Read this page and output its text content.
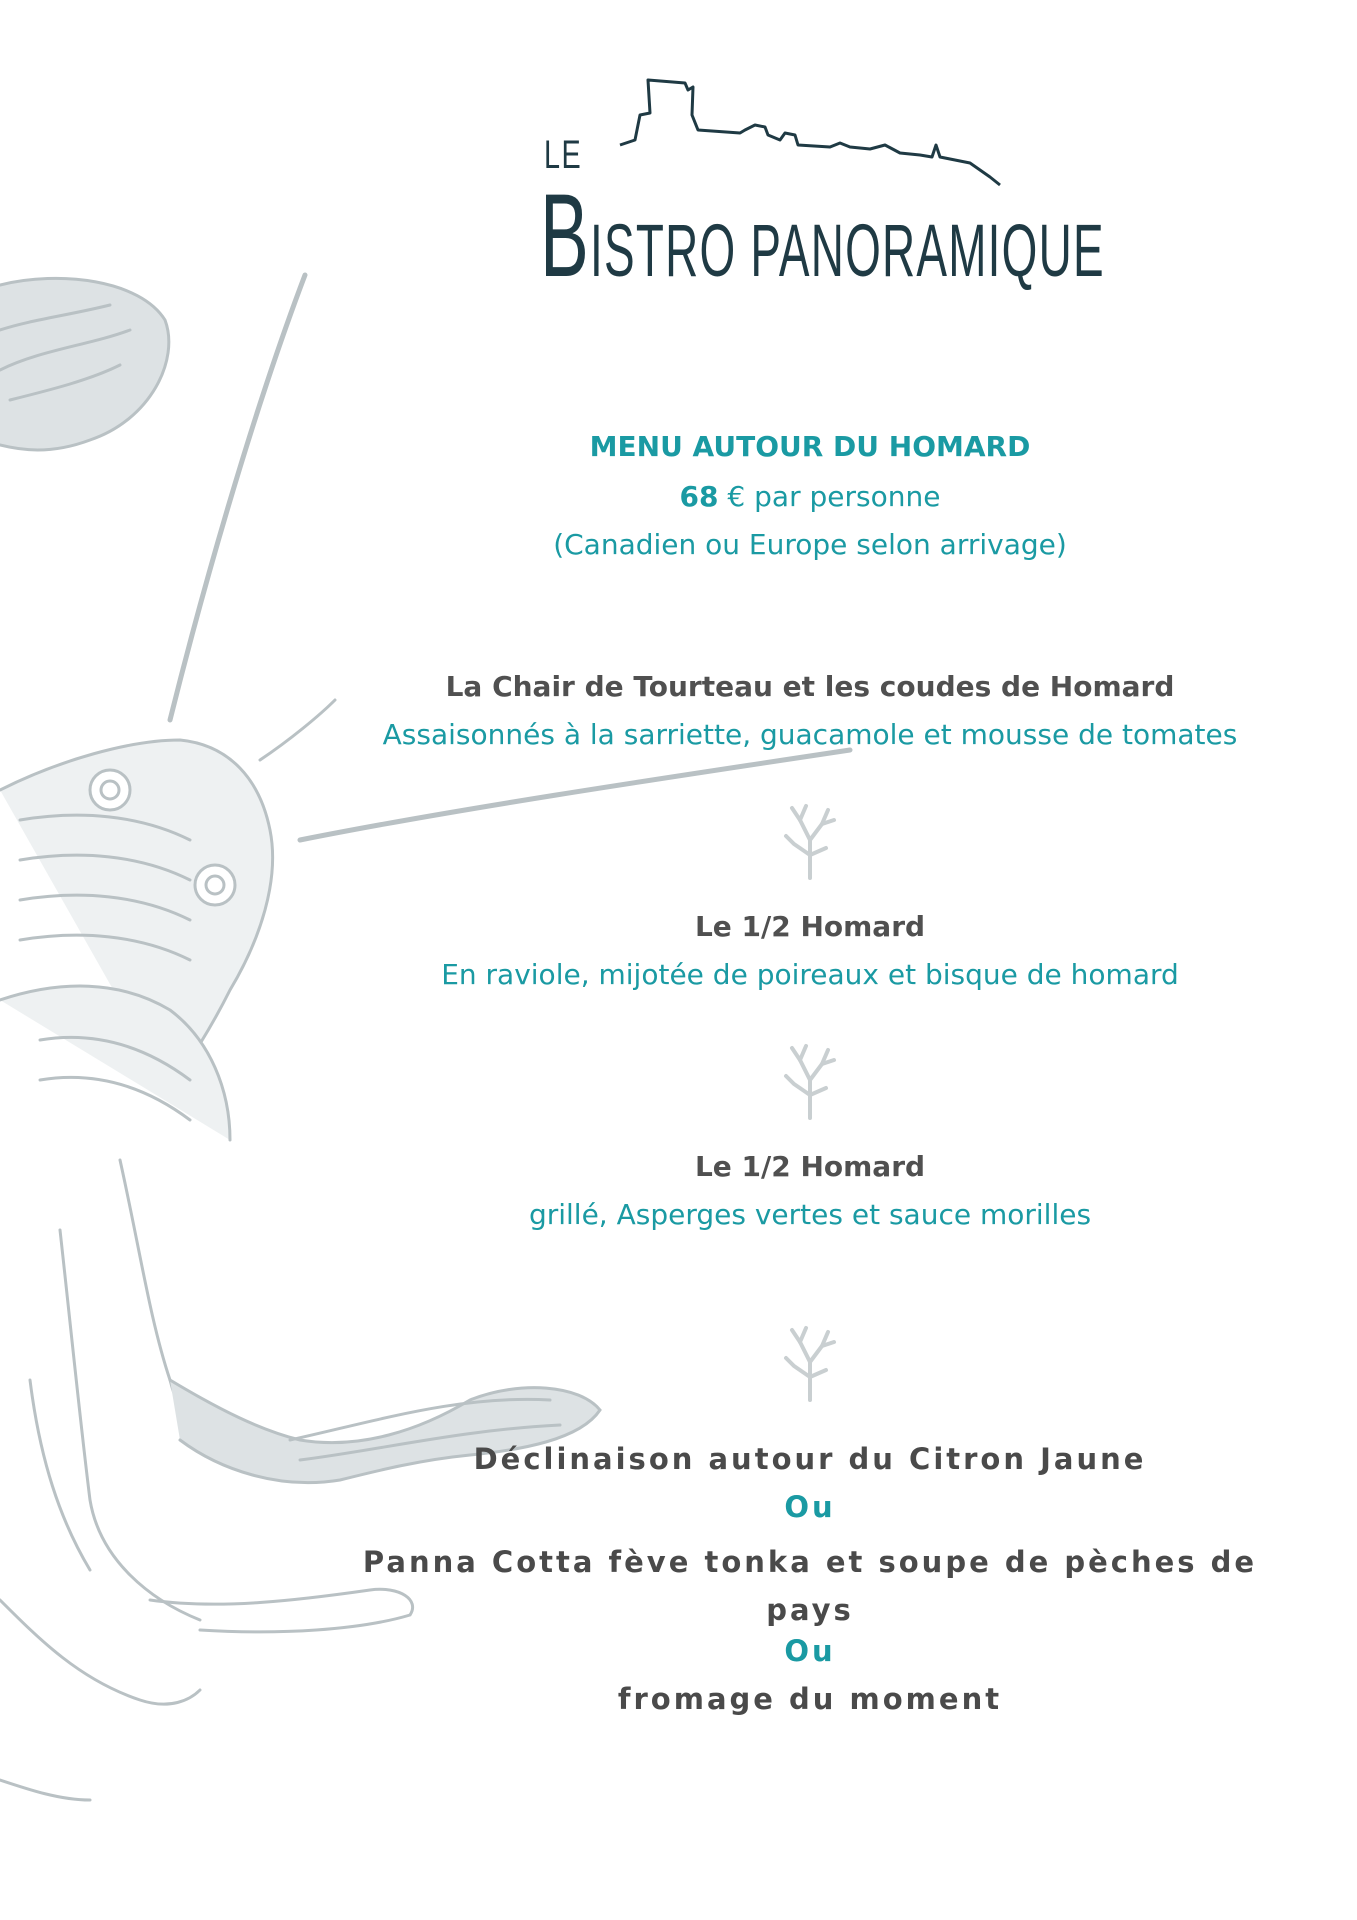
LE
BISTRO PANORAMIQUE
MENU AUTOUR DU HOMARD
68 € par personne
(Canadien ou Europe selon arrivage)
La Chair de Tourteau et les coudes de Homard
Assaisonnés à la sarriette, guacamole et mousse de tomates
Le 1/2 Homard
En raviole, mijotée de poireaux et bisque de homard
Le 1/2 Homard
grillé, Asperges vertes et sauce morilles
Déclinaison autour du Citron Jaune
Ou
Panna Cotta fève tonka et soupe de pèches de
pays
Ou
fromage du moment
